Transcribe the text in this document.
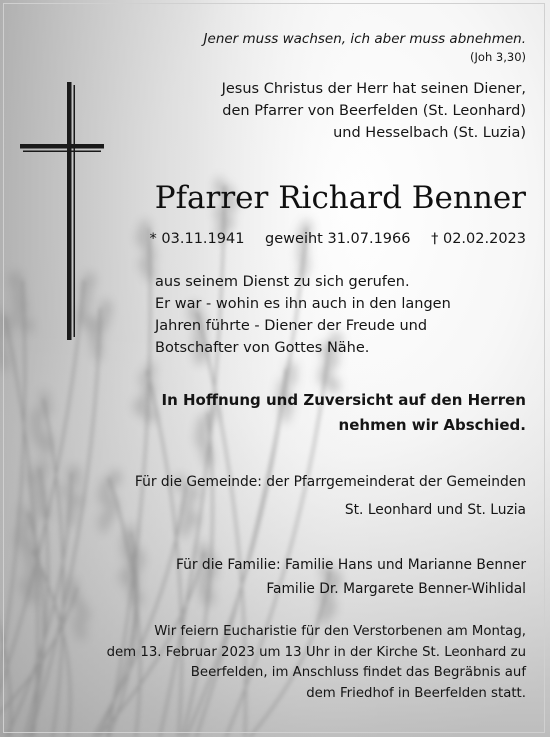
Jener muss wachsen, ich aber muss abnehmen.
(Joh 3,30)
Jesus Christus der Herr hat seinen Diener,
den Pfarrer von Beerfelden (St. Leonhard)
und Hesselbach (St. Luzia)
Pfarrer Richard Benner
* 03.11.1941 geweiht 31.07.1966 † 02.02.2023
aus seinem Dienst zu sich gerufen.
Er war - wohin es ihn auch in den langen
Jahren führte - Diener der Freude und
Botschafter von Gottes Nähe.
In Hoffnung und Zuversicht auf den Herren
nehmen wir Abschied.
Für die Gemeinde: der Pfarrgemeinderat der Gemeinden
St. Leonhard und St. Luzia
Für die Familie: Familie Hans und Marianne Benner
Familie Dr. Margarete Benner-Wihlidal
Wir feiern Eucharistie für den Verstorbenen am Montag,
dem 13. Februar 2023 um 13 Uhr in der Kirche St. Leonhard zu
Beerfelden, im Anschluss findet das Begräbnis auf
dem Friedhof in Beerfelden statt.
